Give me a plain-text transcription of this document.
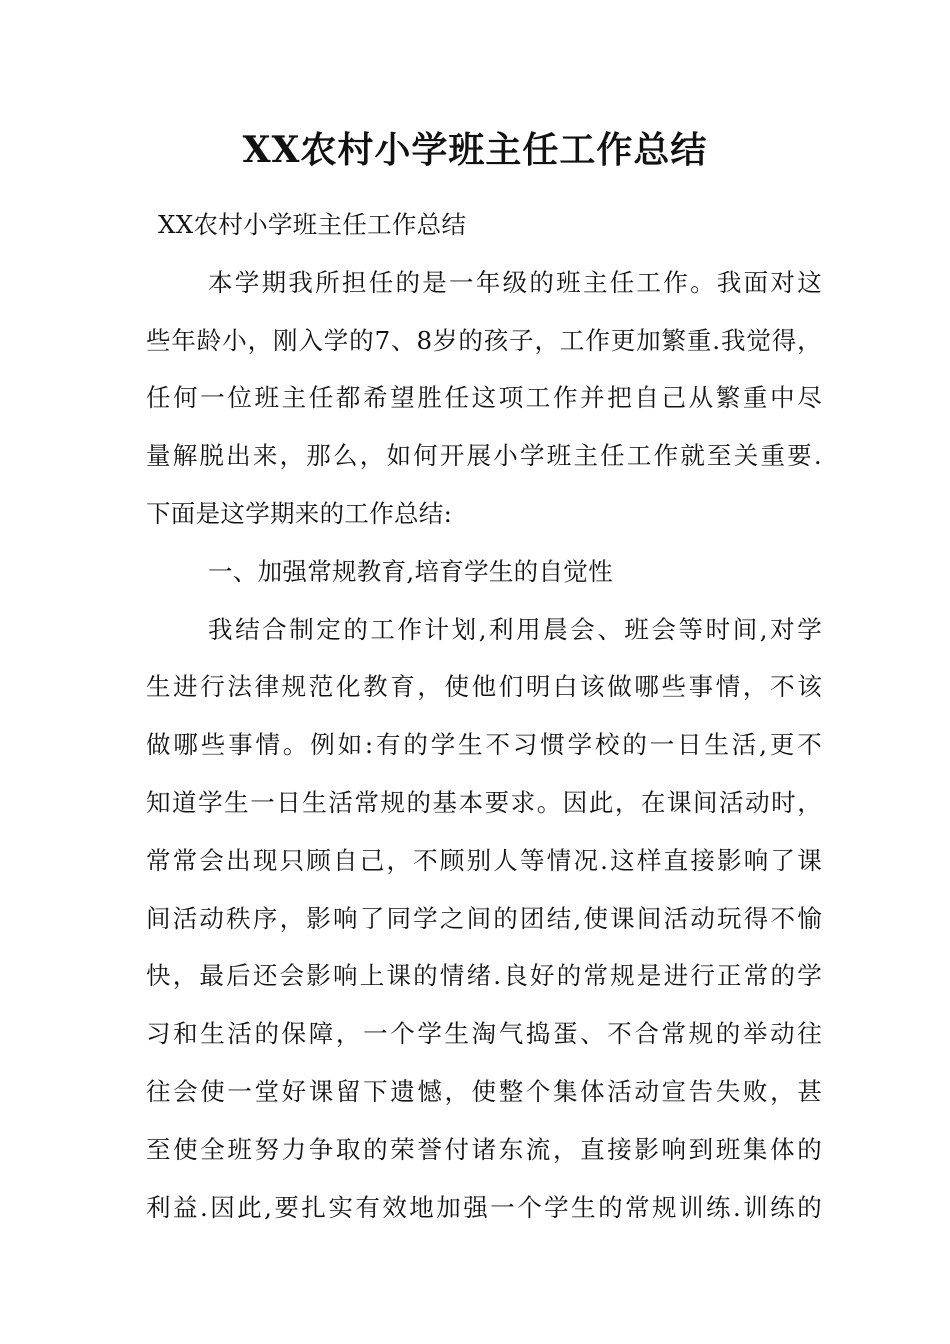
XX农村小学班主任工作总结
XX农村小学班主任工作总结
本学期我所担任的是一年级的班主任工作。我面对这
些年龄小，刚入学的7、8岁的孩子，工作更加繁重.我觉得，
任何一位班主任都希望胜任这项工作并把自己从繁重中尽
量解脱出来，那么，如何开展小学班主任工作就至关重要.
下面是这学期来的工作总结:
一、加强常规教育,培育学生的自觉性
我结合制定的工作计划,利用晨会、班会等时间,对学
生进行法律规范化教育，使他们明白该做哪些事情，不该
做哪些事情。例如:有的学生不习惯学校的一日生活,更不
知道学生一日生活常规的基本要求。因此，在课间活动时，
常常会出现只顾自己，不顾别人等情况.这样直接影响了课
间活动秩序，影响了同学之间的团结,使课间活动玩得不愉
快，最后还会影响上课的情绪.良好的常规是进行正常的学
习和生活的保障，一个学生淘气捣蛋、不合常规的举动往
往会使一堂好课留下遗憾，使整个集体活动宣告失败，甚
至使全班努力争取的荣誉付诸东流，直接影响到班集体的
利益.因此,要扎实有效地加强一个学生的常规训练.训练的
